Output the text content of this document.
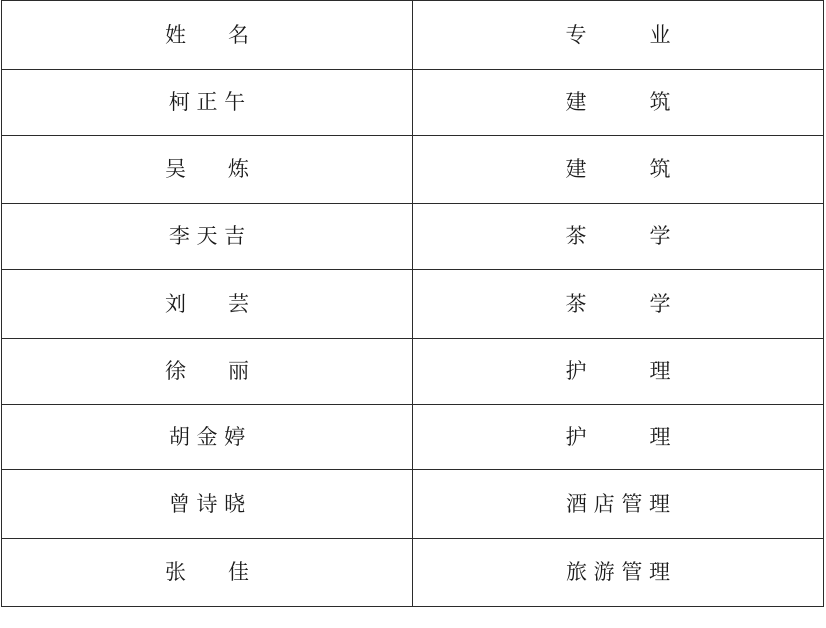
姓　　名	专　　　业
柯 正 午	建　　　筑
吴　　炼	建　　　筑
李 天 吉	茶　　　学
刘　　芸	茶　　　学
徐　　丽	护　　　理
胡 金 婷	护　　　理
曾 诗 晓	酒 店 管 理
张　　佳	旅 游 管 理
